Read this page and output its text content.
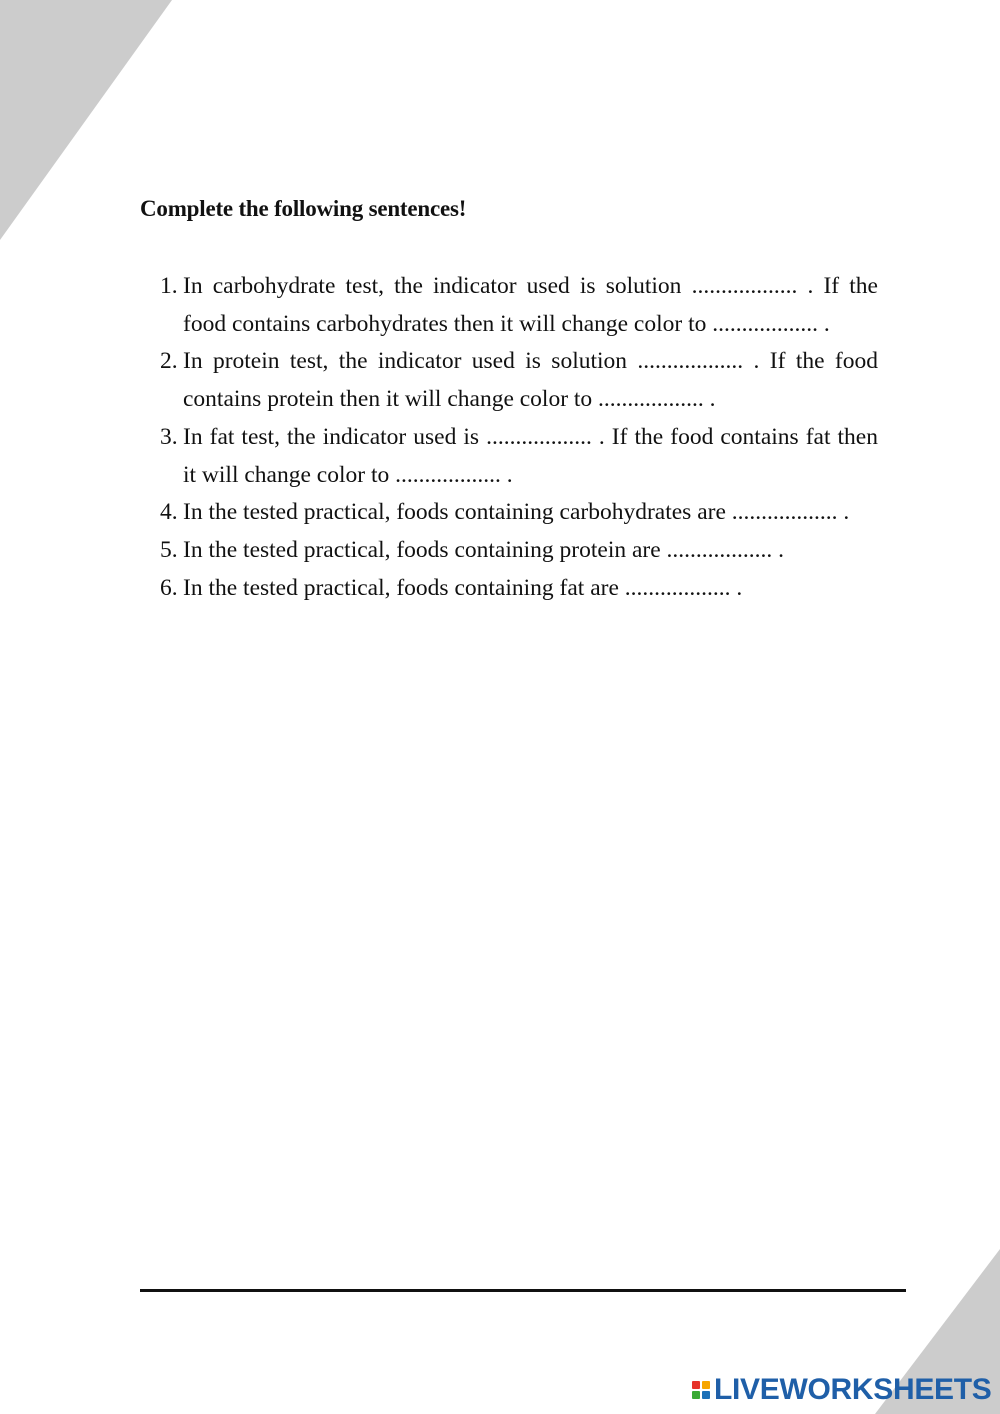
Complete the following sentences!
1. In carbohydrate test, the indicator used is solution .................. . If the food contains carbohydrates then it will change color to .................. .
2. In protein test, the indicator used is solution .................. . If the food contains protein then it will change color to .................. .
3. In fat test, the indicator used is .................. . If the food contains fat then it will change color to .................. .
4. In the tested practical, foods containing carbohydrates are .................. .
5. In the tested practical, foods containing protein are .................. .
6. In the tested practical, foods containing fat are .................. .
LIVEWORKSHEETS
